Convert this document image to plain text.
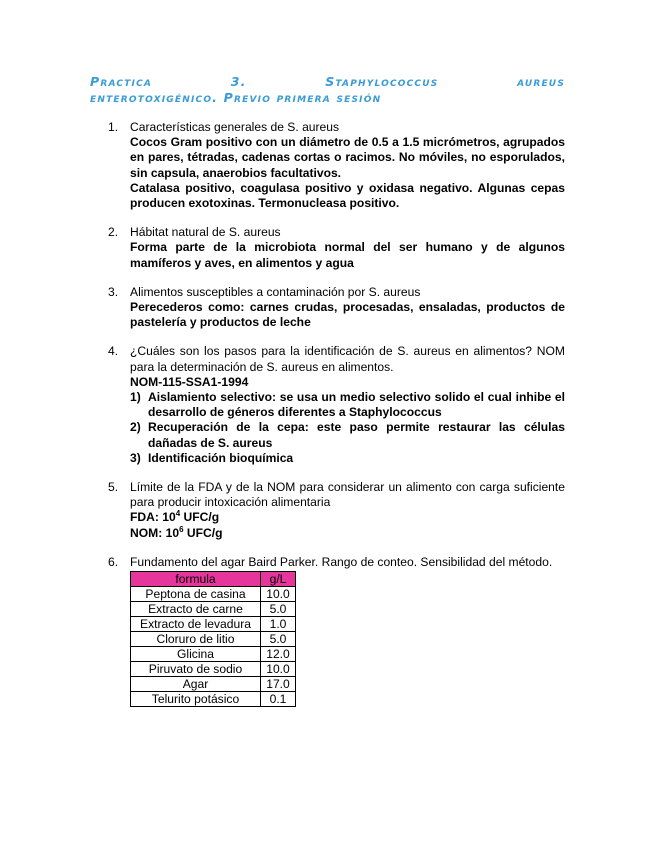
Practica	3.	Staphylococcus	aureus
enterotoxigénico. Previo primera sesión
1. Características generales de S. aureus
Cocos Gram positivo con un diámetro de 0.5 a 1.5 micrómetros, agrupados en pares, tétradas, cadenas cortas o racimos. No móviles, no esporulados, sin capsula, anaerobios facultativos.
Catalasa positivo, coagulasa positivo y oxidasa negativo. Algunas cepas producen exotoxinas. Termonucleasa positivo.
2. Hábitat natural de S. aureus
Forma parte de la microbiota normal del ser humano y de algunos mamíferos y aves, en alimentos y agua
3. Alimentos susceptibles a contaminación por S. aureus
Perecederos como: carnes crudas, procesadas, ensaladas, productos de pastelería y productos de leche
4. ¿Cuáles son los pasos para la identificación de S. aureus en alimentos? NOM para la determinación de S. aureus en alimentos.
NOM-115-SSA1-1994
1) Aislamiento selectivo: se usa un medio selectivo solido el cual inhibe el desarrollo de géneros diferentes a Staphylococcus
2) Recuperación de la cepa: este paso permite restaurar las células dañadas de S. aureus
3) Identificación bioquímica
5. Límite de la FDA y de la NOM para considerar un alimento con carga suficiente para producir intoxicación alimentaria
FDA: $10^4$ UFC/g
NOM: $10^6$ UFC/g
6. Fundamento del agar Baird Parker. Rango de conteo. Sensibilidad del método.
formula	g/L
Peptona de casina	10.0
Extracto de carne	5.0
Extracto de levadura	1.0
Cloruro de litio	5.0
Glicina	12.0
Piruvato de sodio	10.0
Agar	17.0
Telurito potásico	0.1
